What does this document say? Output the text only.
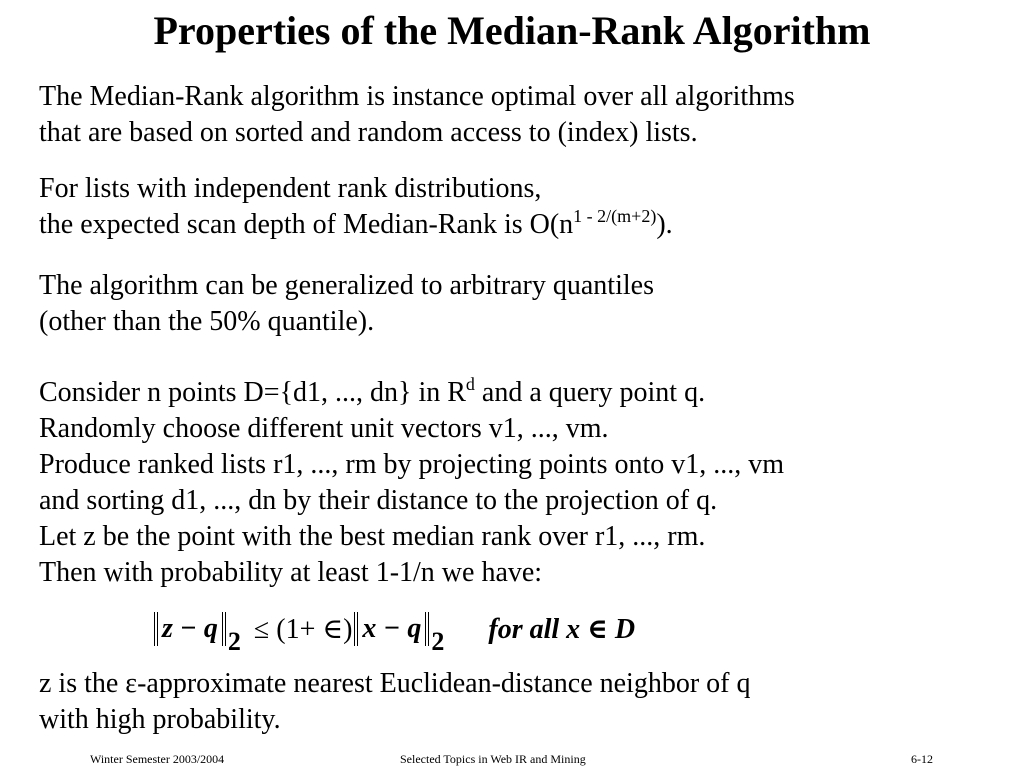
Properties of the Median-Rank Algorithm
The Median-Rank algorithm is instance optimal over all algorithms
that are based on sorted and random access to (index) lists.
For lists with independent rank distributions,
the expected scan depth of Median-Rank is $O(n^{1 - 2/(m+2)})$.
The algorithm can be generalized to arbitrary quantiles
(other than the 50% quantile).
Consider n points D={d1, ..., dn} in $R^d$ and a query point q.
Randomly choose different unit vectors v1, ..., vm.
Produce ranked lists r1, ..., rm by projecting points onto v1, ..., vm
and sorting d1, ..., dn by their distance to the projection of q.
Let z be the point with the best median rank over r1, ..., rm.
Then with probability at least 1-1/n we have:
z − q 2 ≤ (1+ ∈) x − q 2 for all x ∈ D
z is the ε-approximate nearest Euclidean-distance neighbor of q
with high probability.
Winter Semester 2003/2004	Selected Topics in Web IR and Mining	6-12
